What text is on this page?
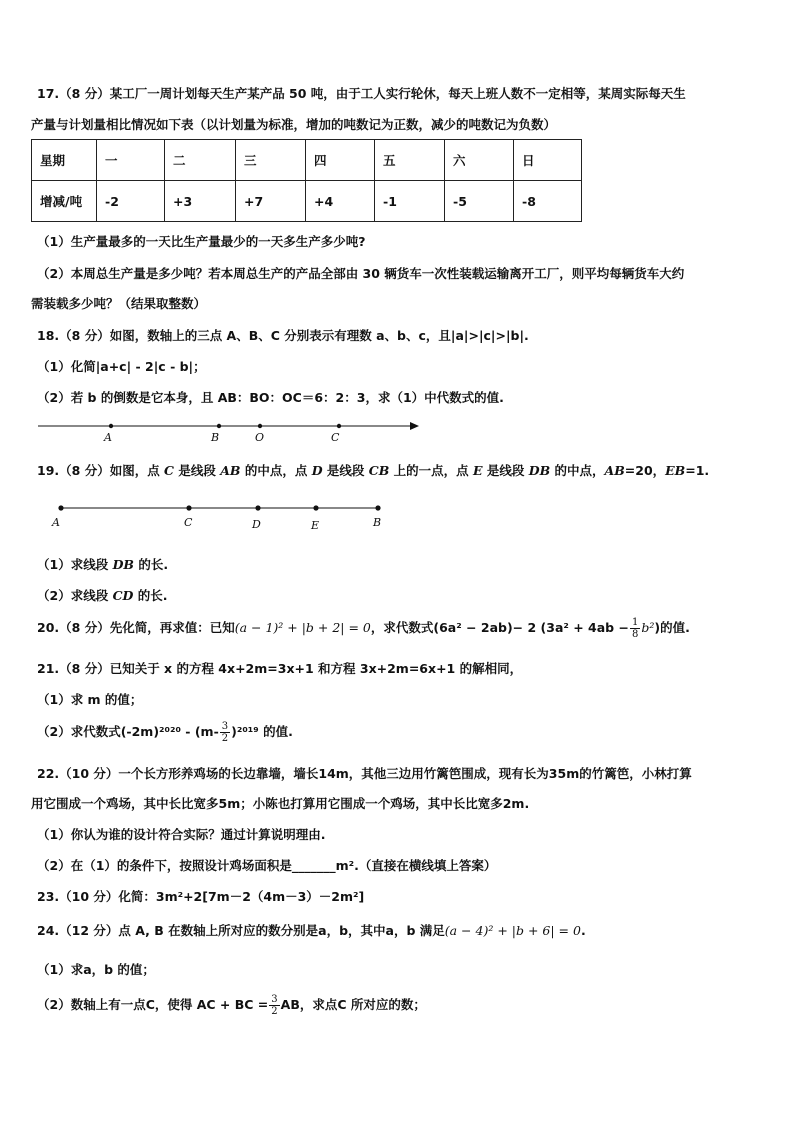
17.（8 分）某工厂一周计划每天生产某产品 50 吨，由于工人实行轮休，每天上班人数不一定相等，某周实际每天生
产量与计划量相比情况如下表（以计划量为标准，增加的吨数记为正数，减少的吨数记为负数）
星期	一	二	三	四	五	六	日
增减/吨	-2	+3	+7	+4	-1	-5	-8
（1）生产量最多的一天比生产量最少的一天多生产多少吨?
（2）本周总生产量是多少吨？若本周总生产的产品全部由 30 辆货车一次性装载运输离开工厂，则平均每辆货车大约
需装载多少吨？（结果取整数）
18.（8 分）如图，数轴上的三点 A、B、C 分别表示有理数 a、b、c，且|a|>|c|>|b|.
（1）化简|a+c| - 2|c - b|；
（2）若 b 的倒数是它本身，且 AB：BO：OC＝6：2：3，求（1）中代数式的值.
A	B	O	C
19.（8 分）如图，点 C 是线段 AB 的中点，点 D 是线段 CB 上的一点，点 E 是线段 DB 的中点，AB=20，EB=1.
A	C	D	E	B
（1）求线段 DB 的长.
（2）求线段 CD 的长.
20.（8 分）先化简，再求值：已知(a − 1)² + |b + 2| = 0，求代数式(6a² − 2ab)− 2 $(3a^2 + 4ab - \frac{1}{8} b^2)$的值.
21.（8 分）已知关于 x 的方程 4x+2m=3x+1 和方程 3x+2m=6x+1 的解相同，
（1）求 m 的值；
（2）求代数式$(-2m)^{2020} - (m- \frac{3}{2} )^{2019}$ 的值.
22.（10 分）一个长方形养鸡场的长边靠墙，墙长14m，其他三边用竹篱笆围成，现有长为35m的竹篱笆，小林打算
用它围成一个鸡场，其中长比宽多5m；小陈也打算用它围成一个鸡场，其中长比宽多2m.
（1）你认为谁的设计符合实际？通过计算说明理由.
（2）在（1）的条件下，按照设计鸡场面积是_______m².（直接在横线填上答案）
23.（10 分）化简：3m²+2[7m－2（4m－3）－2m²]
24.（12 分）点 A, B 在数轴上所对应的数分别是a，b，其中a，b 满足(a − 4)² + |b + 6| = 0.
（1）求a，b 的值；
（2）数轴上有一点C，使得 AC + BC = $\frac{3}{2}$ AB，求点C 所对应的数；
